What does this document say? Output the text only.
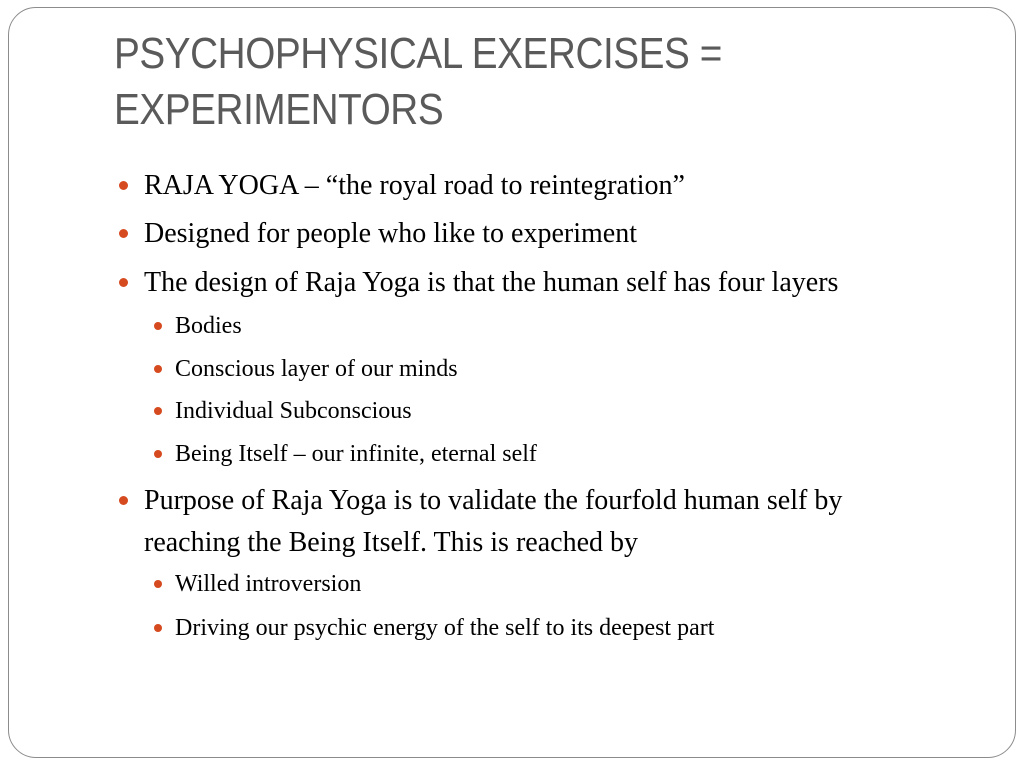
PSYCHOPHYSICAL EXERCISES =
EXPERIMENTORS

RAJA YOGA – “the royal road to reintegration”

Designed for people who like to experiment

The design of Raja Yoga is that the human self has four layers

Bodies

Conscious layer of our minds

Individual Subconscious

Being Itself – our infinite, eternal self

Purpose of Raja Yoga is to validate the fourfold human self by
reaching the Being Itself. This is reached by

Willed introversion

Driving our psychic energy of the self to its deepest part
